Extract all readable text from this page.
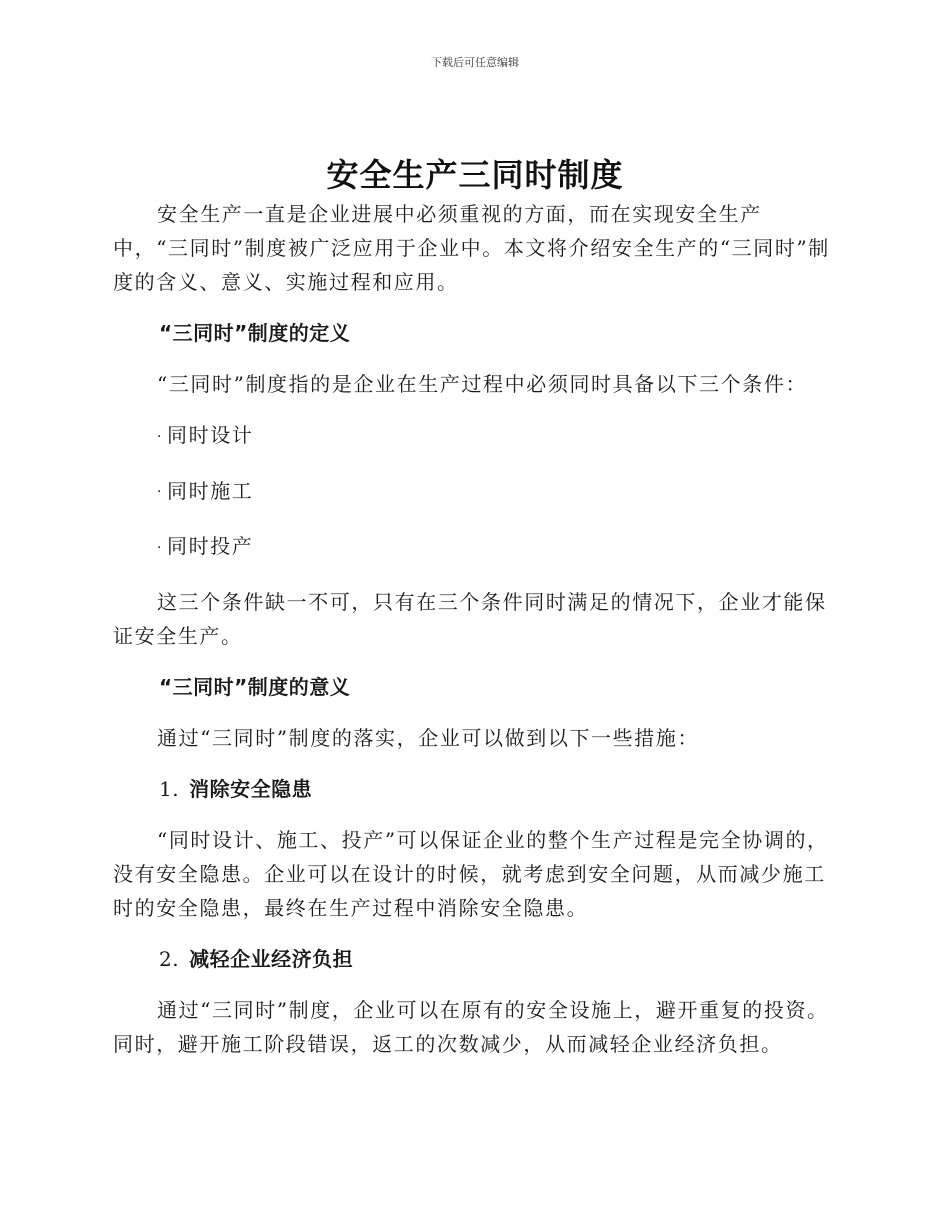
下载后可任意编辑
安全生产三同时制度

安全生产一直是企业进展中必须重视的方面，而在实现安全生产中，“三同时”制度被广泛应用于企业中。本文将介绍安全生产的“三同时”制度的含义、意义、实施过程和应用。

“三同时”制度的定义

“三同时”制度指的是企业在生产过程中必须同时具备以下三个条件：

· 同时设计
· 同时施工
· 同时投产

这三个条件缺一不可，只有在三个条件同时满足的情况下，企业才能保证安全生产。

“三同时”制度的意义

通过“三同时”制度的落实，企业可以做到以下一些措施：

1. 消除安全隐患

“同时设计、施工、投产”可以保证企业的整个生产过程是完全协调的，没有安全隐患。企业可以在设计的时候，就考虑到安全问题，从而减少施工时的安全隐患，最终在生产过程中消除安全隐患。

2. 减轻企业经济负担

通过“三同时”制度，企业可以在原有的安全设施上，避开重复的投资。同时，避开施工阶段错误，返工的次数减少，从而减轻企业经济负担。
